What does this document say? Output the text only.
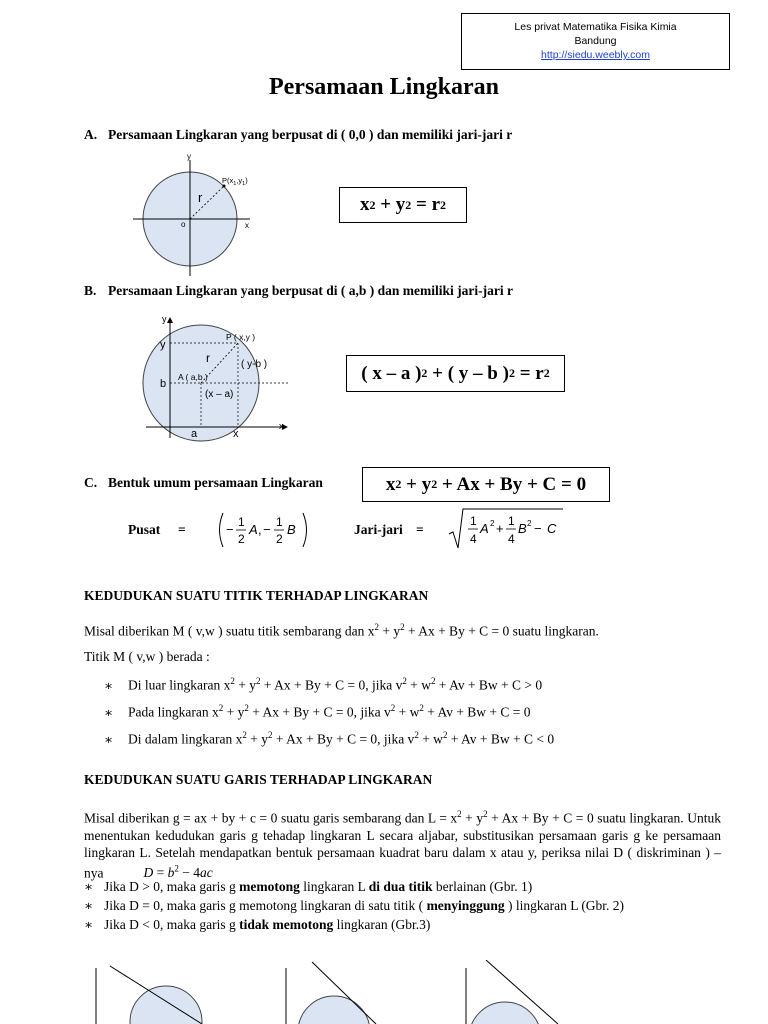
Les privat Matematika Fisika Kimia
Bandung
http://siedu.weebly.com
Persamaan Lingkaran
A. Persamaan Lingkaran yang berpusat di ( 0,0 ) dan memiliki jari-jari r
y
x
o
r
$P(x_1,y_1)$
x 2 + y 2 = r 2
B. Persamaan Lingkaran yang berpusat di ( a,b ) dan memiliki jari-jari r
y
x
y
b
a	x
r
P ( x,y )
A ( a,b )
( y-b )
(x – a)
( x – a ) 2 + ( y – b ) 2 = r 2
C. Bentuk umum persamaan Lingkaran	x 2 + y 2 + Ax + By + C = 0
Pusat =	− 1
2
A , − 1
2
B	Jari-jari =
1
4
A 2 + 1
4
B 2 − C
KEDUDUKAN SUATU TITIK TERHADAP LINGKARAN
Misal diberikan M ( v,w ) suatu titik sembarang dan $x^2 + y^2 + Ax + By + C = 0$ suatu lingkaran.
Titik M ( v,w ) berada :
∗ Di luar lingkaran $x^2 + y^2 + Ax + By + C = 0$, jika $v^2 + w^2 + Av + Bw + C > 0$
∗ Pada lingkaran $x^2 + y^2 + Ax + By + C = 0$, jika $v^2 + w^2 + Av + Bw + C = 0$
∗ Di dalam lingkaran $x^2 + y^2 + Ax + By + C = 0$, jika $v^2 + w^2 + Av + Bw + C < 0$
KEDUDUKAN SUATU GARIS TERHADAP LINGKARAN
Misal diberikan g = ax + by + c = 0 suatu garis sembarang dan $L = x^2 + y^2 + Ax + By + C = 0$ suatu lingkaran. Untuk menentukan kedudukan garis g tehadap lingkaran L secara aljabar, substitusikan persamaan garis g ke persamaan lingkaran L. Setelah mendapatkan bentuk persamaan kuadrat baru dalam x atau y, periksa nilai D ( diskriminan ) –nya	$D = b^2 - 4ac$
∗ Jika D > 0, maka garis g memotong lingkaran L di dua titik berlainan (Gbr. 1)
∗ Jika D = 0, maka garis g memotong lingkaran di satu titik ( menyinggung ) lingkaran L (Gbr. 2)
∗ Jika D < 0, maka garis g tidak memotong lingkaran (Gbr.3)
